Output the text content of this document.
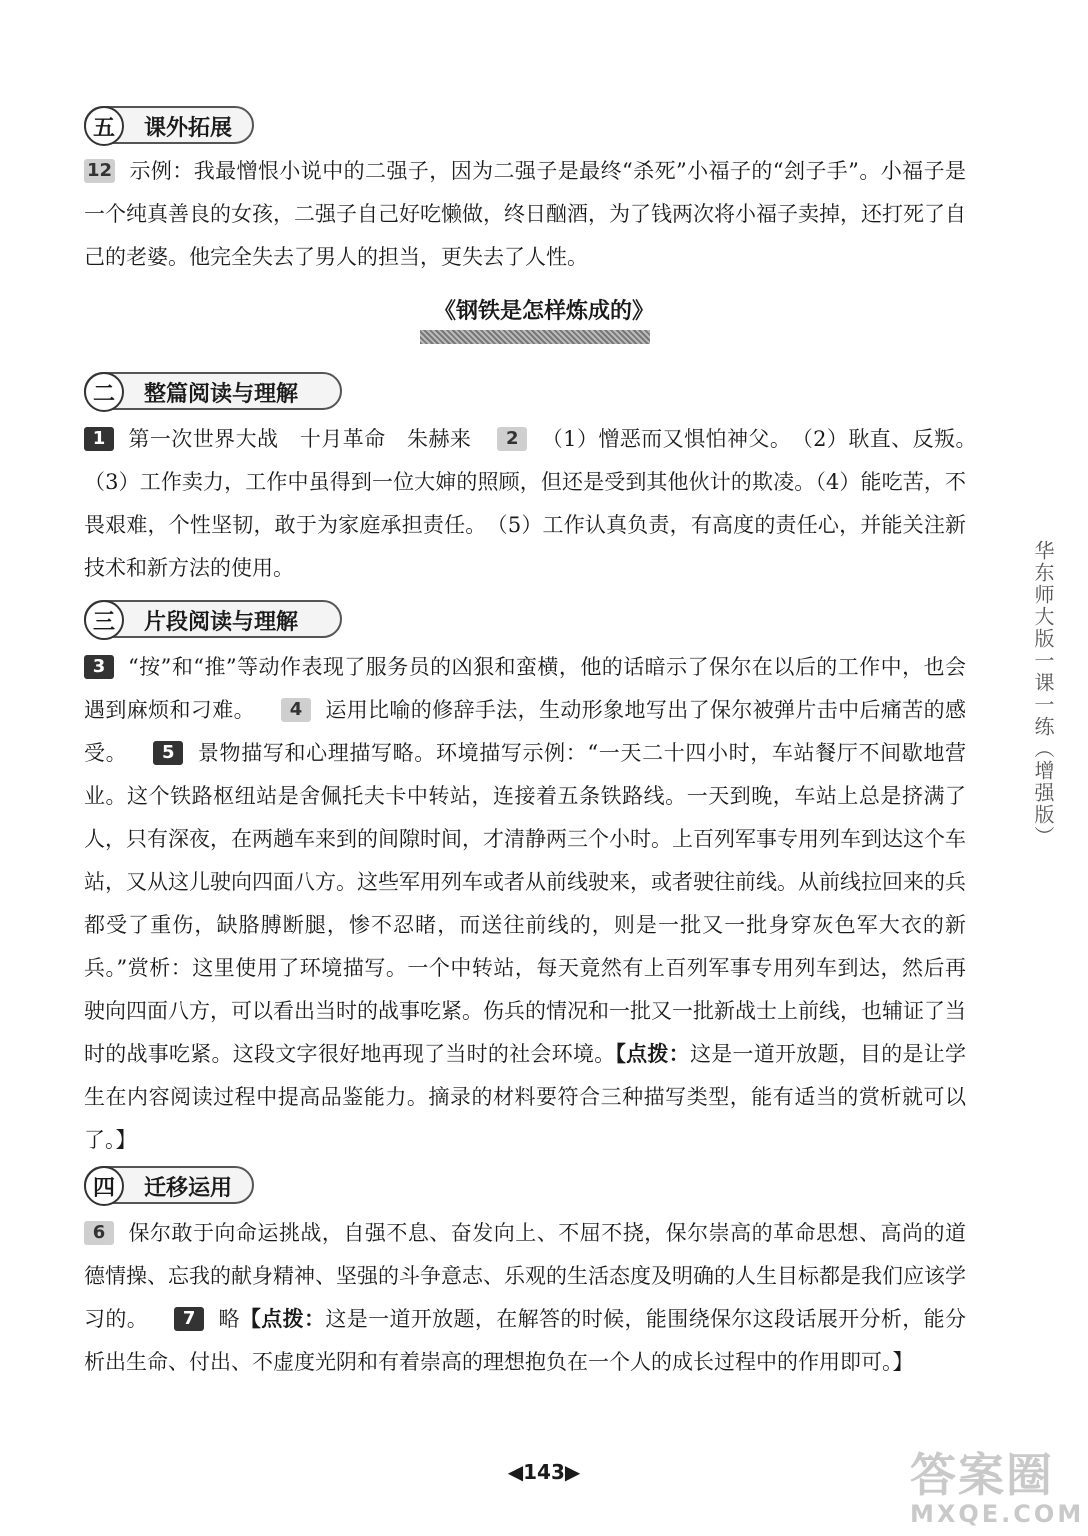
五	课外拓展
12 示例：我最憎恨小说中的二强子，因为二强子是最终“杀死”小福子的“刽子手”。小福子是一个纯真善良的女孩，二强子自己好吃懒做，终日酗酒，为了钱两次将小福子卖掉，还打死了自己的老婆。他完全失去了男人的担当，更失去了人性。
《钢铁是怎样炼成的》
二	整篇阅读与理解
1 第一次世界大战　十月革命　朱赫来 2 （1）憎恶而又惧怕神父。　（2）耿直、反叛。　（3）工作卖力，工作中虽得到一位大婶的照顾，但还是受到其他伙计的欺凌。（4）能吃苦，不畏艰难，个性坚韧，敢于为家庭承担责任。　（5）工作认真负责，有高度的责任心，并能关注新技术和新方法的使用。
三	片段阅读与理解
3 “按”和“推”等动作表现了服务员的凶狠和蛮横，他的话暗示了保尔在以后的工作中，也会遇到麻烦和刁难。 4 运用比喻的修辞手法，生动形象地写出了保尔被弹片击中后痛苦的感受。 5 景物描写和心理描写略。环境描写示例：“一天二十四小时，车站餐厅不间歇地营业。这个铁路枢纽站是舍佩托夫卡中转站，连接着五条铁路线。一天到晚，车站上总是挤满了人，只有深夜，在两趟车来到的间隙时间，才清静两三个小时。上百列军事专用列车到达这个车站，又从这儿驶向四面八方。这些军用列车或者从前线驶来，或者驶往前线。从前线拉回来的兵都受了重伤，缺胳膊断腿，惨不忍睹，而送往前线的，则是一批又一批身穿灰色军大衣的新兵。”赏析：这里使用了环境描写。一个中转站，每天竟然有上百列军事专用列车到达，然后再驶向四面八方，可以看出当时的战事吃紧。伤兵的情况和一批又一批新战士上前线，也辅证了当时的战事吃紧。这段文字很好地再现了当时的社会环境。【点拨：这是一道开放题，目的是让学生在内容阅读过程中提高品鉴能力。摘录的材料要符合三种描写类型，能有适当的赏析就可以了。】
四	迁移运用
6 保尔敢于向命运挑战，自强不息、奋发向上、不屈不挠，保尔崇高的革命思想、高尚的道德情操、忘我的献身精神、坚强的斗争意志、乐观的生活态度及明确的人生目标都是我们应该学习的。 7 略【点拨：这是一道开放题，在解答的时候，能围绕保尔这段话展开分析，能分析出生命、付出、不虚度光阴和有着崇高的理想抱负在一个人的成长过程中的作用即可。】
华东师大版一课一练（增强版）
◀143▶	答案圈
MXQE.COM
